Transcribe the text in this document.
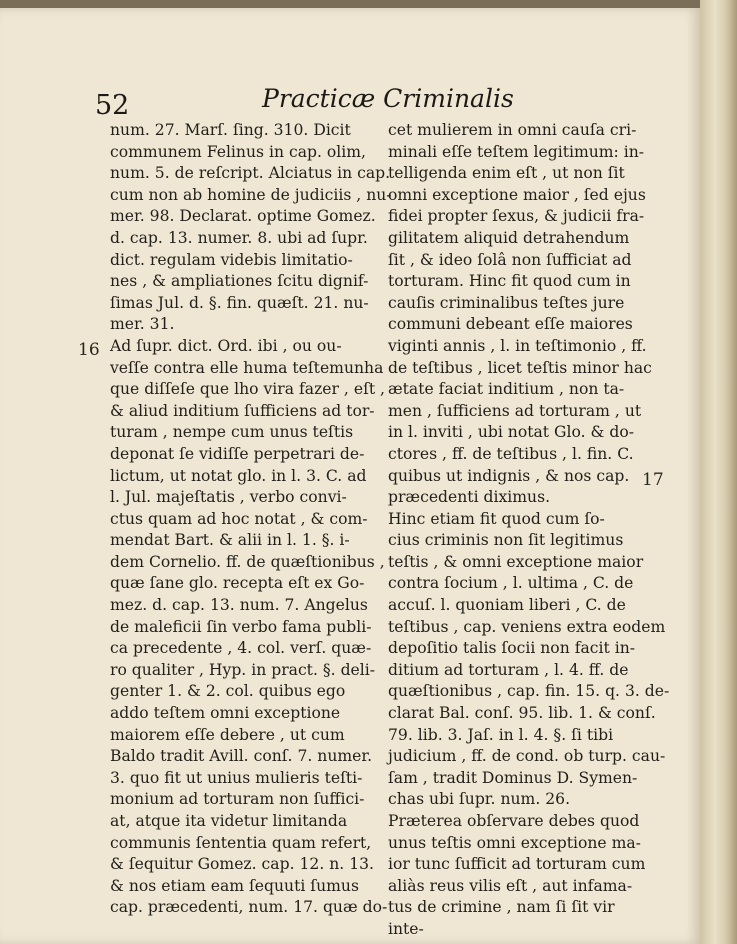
52	Practicæ Criminalis
num. 27. Marſ. ſing. 310. Dicit
communem Felinus in cap. olim,
num. 5. de reſcript. Alciatus in cap.
cum non ab homine de judiciis , nu-
mer. 98. Declarat. optime Gomez.
d. cap. 13. numer. 8. ubi ad ſupr.
dict. regulam videbis limitatio-
nes , & ampliationes ſcitu dignif-
ſimas Jul. d. §. fin. quæſt. 21. nu-
mer. 31.
Ad ſupr. dict. Ord. ibi , ou ou-
veſſe contra elle huma teſtemunha
que diſſeſe que lho vira fazer , eſt ,
& aliud inditium ſufficiens ad tor-
turam , nempe cum unus teſtis
deponat ſe vidiſſe perpetrari de-
lictum, ut notat glo. in l. 3. C. ad
l. Jul. majeſtatis , verbo convi-
ctus quam ad hoc notat , & com-
mendat Bart. & alii in l. 1. §. i-
dem Cornelio. ff. de quæſtionibus ,
quæ ſane glo. recepta eſt ex Go-
mez. d. cap. 13. num. 7. Angelus
de maleficii ſin verbo fama publi-
ca precedente , 4. col. verſ. quæ-
ro qualiter , Hyp. in pract. §. deli-
genter 1. & 2. col. quibus ego
addo teſtem omni exceptione
maiorem eſſe debere , ut cum
Baldo tradit Avill. conſ. 7. numer.
3. quo fit ut unius mulieris teſti-
monium ad torturam non ſuffici-
at, atque ita videtur limitanda
communis ſententia quam refert,
& ſequitur Gomez. cap. 12. n. 13.
& nos etiam eam ſequuti ſumus
cap. præcedenti, num. 17. quæ do-
cet mulierem in omni cauſa cri-
minali eſſe teſtem legitimum: in-
telligenda enim eſt , ut non ſit
omni exceptione maior , ſed ejus
fidei propter ſexus, & judicii fra-
gilitatem aliquid detrahendum
ſit , & ideo ſolâ non ſufficiat ad
torturam. Hinc fit quod cum in
cauſis criminalibus teſtes jure
communi debeant eſſe maiores
viginti annis , l. in teſtimonio , ff.
de teſtibus , licet teſtis minor hac
ætate faciat inditium , non ta-
men , ſufficiens ad torturam , ut
in l. inviti , ubi notat Glo. & do-
ctores , ff. de teſtibus , l. fin. C.
quibus ut indignis , & nos cap.
præcedenti diximus.
Hinc etiam fit quod cum ſo-
cius criminis non ſit legitimus
teſtis , & omni exceptione maior
contra ſocium , l. ultima , C. de
accuſ. l. quoniam liberi , C. de
teſtibus , cap. veniens extra eodem
depoſitio talis ſocii non facit in-
ditium ad torturam , l. 4. ff. de
quæſtionibus , cap. fin. 15. q. 3. de-
clarat Bal. conſ. 95. lib. 1. & conſ.
79. lib. 3. Jaſ. in l. 4. §. ſi tibi
judicium , ff. de cond. ob turp. cau-
ſam , tradit Dominus D. Symen-
chas ubi ſupr. num. 26.
Præterea obſervare debes quod
unus teſtis omni exceptione ma-
ior tunc ſufficit ad torturam cum
aliàs reus vilis eſt , aut infama-
tus de crimine , nam ſi ſit vir
inte-
16
17
